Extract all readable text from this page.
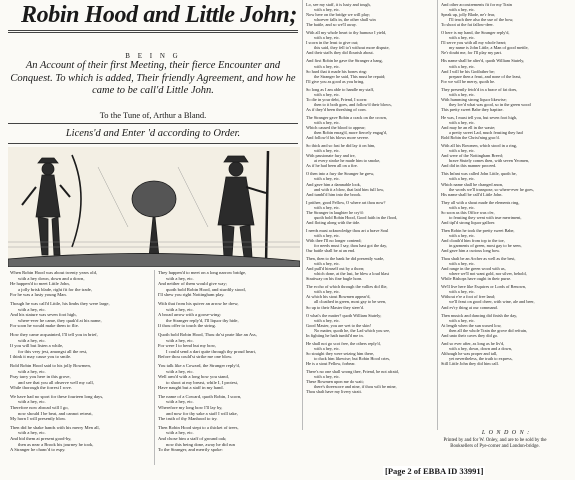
Robin Hood and Little John;
B E I N G
An Account of their first Meeting, their fierce Encounter and
Conquest. To which is added, Their friendly Agreement, and how he
came to be call'd Little John.
To the Tune of, Arthur a Bland.
Licens'd and Enter 'd according to Order.

When Robin Hood was about twenty years old,

with a hey down, down and a down,

He happen'd to meet Little John,

a jolly brisk blade, right fit for the trade,

For he was a lusty young Man.

Though he was call'd Little, his limbs they were large,

with a hey, etc.

And his stature was seven foot high,

where-ever he came, they quak'd at his name,

For soon he would make them to flie.

How they came acquainted, I'll tell you in brief,

with a hey, etc.

If you will but listen a while,

for this very jest, amongst all the rest,

I think it may cause you to smile.

Bold Robin Hood said to his jolly Bowmen,

with a hey, etc.

Pray tarry you here in this grove,

and see that you all observe well my call,

While thorough the forrest I rove.

We have had no sport for these fourteen long days,

with a hey, etc.

Therefore now abroad will I go,

now should I be beat, and cannot retreat,

My horn I will presently blow.

Then did he shake hands with his merry Men all,

with a hey, etc.

And bid them at present good-by,

then as near a Brook his journey he took,

A Stranger he chanc'd to espy.

They happen'd to meet on a long narrow bridge,

with a hey, etc.

And neither of them would give way;

quoth bold Robin Hood, and sturdily stood,

I'll shew you right Nottingham play.

With that from his quiver an arrow he drew,

with a hey, etc.

A broad arrow with a goose-wing:

the Stranger reply'd, I'll liquor thy hide,

If thou offer to touch the string.

Quoth bold Robin Hood, Thou do'st prate like an Ass,

with a hey, etc.

For were I to bend but my bow,

I could send a dart quite through thy proud heart,

Before thou could'st strike me one blow.

You talk like a Coward, the Stranger reply'd,

with a hey, etc.

Well arm'd with a long bow you stand,

to shoot at my breast, while I, I protest,

Have naught but a staff in my hand.

The name of a Coward, quoth Robin, I scorn,

with a hey, etc.

Wherefore my long bow I'll lay by,

and now for thy sake a staff I will take,

The truth of thy Manhood to try.

Then Robin Hood stept to a thicket of trees,

with a hey, etc.

And chose him a staff of ground oak;

now this being done, away he did run

To the Stranger, and merrily spoke:

Lo, see my staff, it is lusty and tough,

with a hey, etc.

Now here on the bridge we will play;

whoever falls in, the other shall win

The battle, and so we'll away.

With all my whole heart to thy humour I yield,

with a hey, etc.

I scorn in the least to give out;

this said, they fell to't without more dispute,

And their staffs they did flourish about.

And first Robin he gave the Stranger a bang,

with a hey, etc.

So hard that it made his bones ring:

the Stranger he said, This must be repaid;

I'll give you as good as you bring.

So long as I am able to handle my staff,

with a hey, etc.

To die in your debt, Friend, I scorn:

then to it both goes, and follow'd their blows,

As if they'd been threshing of corn.

The Stranger gave Robin a crack on the crown,

with a hey, etc.

Which caused the blood to appear;

then Robin enrag'd, more fiercely engag'd,

And follow'd his blows more severe.

So thick and so fast he did lay it on him,

with a hey, etc.

With passionate fury and ire,

at every stroke he made him to smoke,

As if he had been all on a fire.

O then into a fury the Stranger he grew,

with a hey, etc.

And gave him a damnable look,

and with it a blow, that laid him full low,

And tumbl'd him into the brook.

I prithee, good Fellow, O where art thou now?

with a hey, etc.

The Stranger in laughter he cry'd:

quoth bold Robin Hood, Good faith in the flood,

And floting along with the tide.

I needs must acknowledge thou art a brave Soul

with a hey, etc.

With thee I'll no longer contend;

for needs must I say, thou hast got the day,

Our battle shall be at an end.

Then, then to the bank he did presently wade,

with a hey, etc.

And pull'd himself out by a thorn;

which done, at the last, he blew a loud blast

Straitway on his fine bugle horn.

The eccho of which through the vallies did flie,

with a hey, etc.

At which his stout Bowmen appear'd,

all cloathed in green, most gay to be seen,

So up to their Master they steer'd.

O what's the matter? quoth William Stutely;

with a hey, etc.

Good Master, you are wet to the skin!

No matter, quoth he, the Lad which you see,

In fighting he hath tumbl'd me in.

He shall not go scot free, the others reply'd,

with a hey, etc.

So straight they were seizing him there,

to duck him likewise; but Robin Hood cries,

He is a stout Fellow, forbear.

There's no one shall wrong thee, Friend, be not afraid,

with a hey, etc.

These Bowmen upon me do wait;

there's threescore and nine, if thou wilt be mine,

Thou shalt have my livery strait.

And other accoutrements fit for my Train

with a hey, etc.

Speak up, jolly Blade, ne'r fear,

I'll teach thee also the use of the bow,

To shoot at the fat fallow-deer.

O here is my hand, the Stranger reply'd,

with a hey, etc.

I'll serve you with all my whole heart;

my name is John Little, a Man of good mettle,

Ne'r doubt me, for I'll play my part.

His name shall be alter'd, quoth William Stutely,

with a hey, etc.

And I will be his Godfather be;

prepare then a feast, and none of the least,

For we will be merry, quoth he.

They presently fetch'd in a brace of fat does,

with a hey, etc.

With humming strong liquor likewise;

they lov'd what was good, so in the green wood

This pretty sweet Babe they baptize.

He was, I must tell you, but seven foot high,

with a hey, etc.

And may be an ell in the waste;

a pretty sweet Lad, much feasting they had

Bold Robin the Christ'ning grac'd.

With all his Bowmen, which stood in a ring,

with a hey, etc.

And were of the Nottingham Breed;

brave Stutely comes then, with seven Yeomen,

And did in this manner proceed.

This Infant was called John Little, quoth he,

with a hey, etc.

Which name shall be changed anon,

the words we'll transpose, so where-ever he goes,

His name shall be call'd Little John.

They all with a shout made the elements ring,

with a hey, etc.

So soon as this Office was o'er,

to feasting they went with true merriment,

And tipl'd strong liquor galloer.

Then Robin he took the pretty sweet Babe,

with a hey, etc.

And cloath'd him from top to the toe,

in garments of green, most gay to be seen,

And gave him a curious long bow.

Thou shalt be an Archer as well as the best,

with a hey, etc.

And range in the green wood with us,

where we'll not want gold, nor silver, behold,

While Bishops have ought in their purse.

We'll live here like Esquires or Lords of Renown,

with a hey, etc.

Without e're a foot of free land;

we'll feast on good cheer, with wine, ale and beer,

And ev'ry thing at our command.

Then musick and dancing did finish the day,

with a hey, etc.

At length when the sun waxed low,

then all the whole Train the grove did refrain,

And unto their caves they did go.

And so ever after, as long as he liv'd,

with a hey, down, down and a down,

Although he was proper and tall,

yet nevertheless, the truth to express,

Still Little John they did him call.

L O N D O N :
Printed by and for W. Onley, and are to be sold by the
Booksellers of Pye-corner and London-bridge.
[Page 2 of EBBA ID 33991]
